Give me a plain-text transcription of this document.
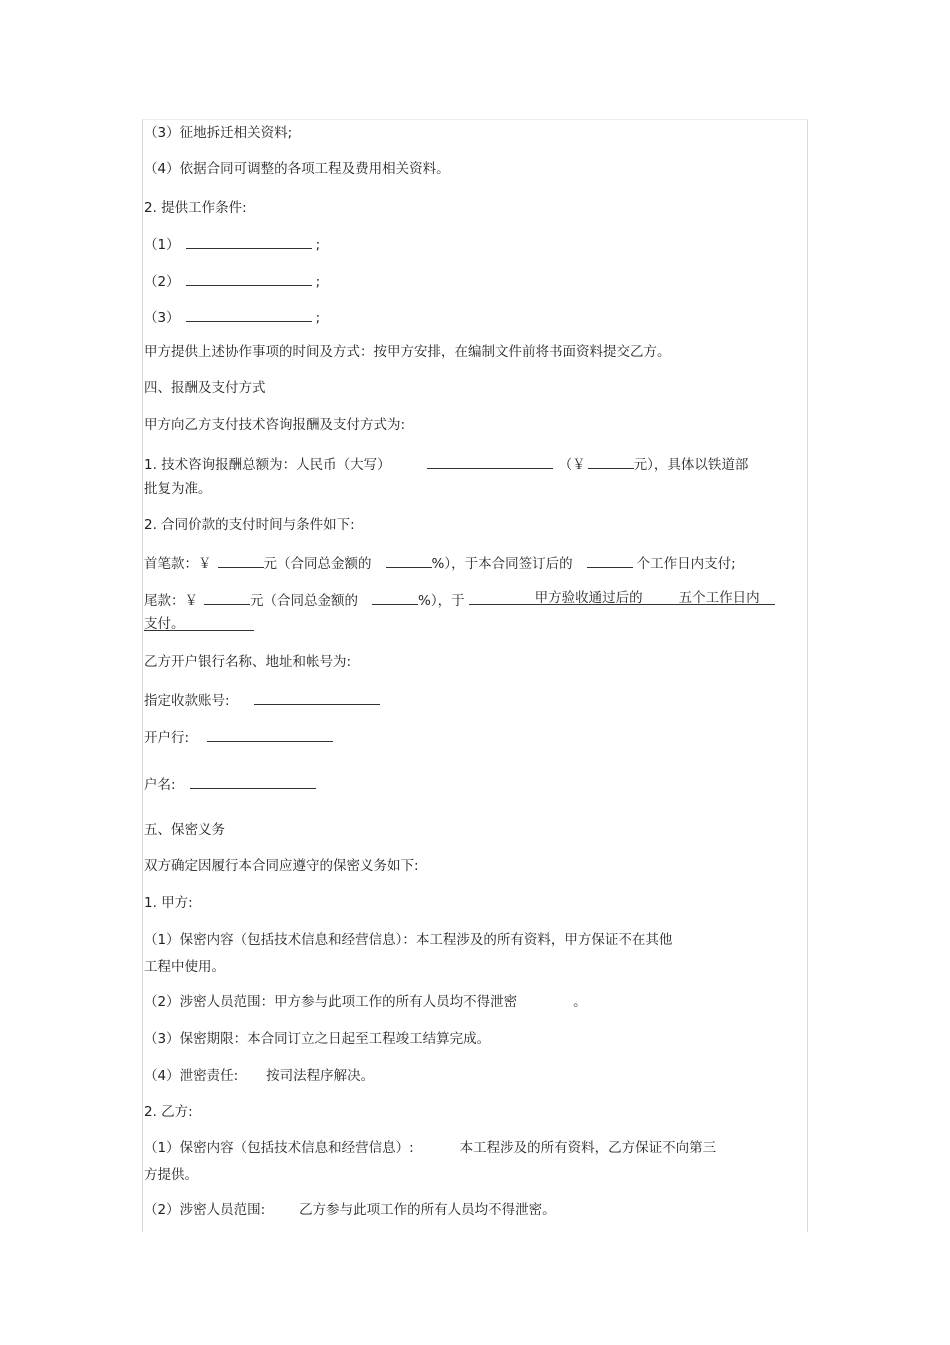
（3）征地拆迁相关资料;
（4）依据合同可调整的各项工程及费用相关资料。
2. 提供工作条件:
（1）	;
（2）	;
（3）	;
甲方提供上述协作事项的时间及方式：按甲方安排，在编制文件前将书面资料提交乙方。
四、报酬及支付方式
甲方向乙方支付技术咨询报酬及支付方式为:
1. 技术咨询报酬总额为：人民币（大写）	（￥	元），具体以铁道部
批复为准。
2. 合同价款的支付时间与条件如下:
首笔款：￥	元（合同总金额的	%），于本合同签订后的	个工作日内支付;
尾款：￥	元（合同总金额的	%），于	甲方验收通过后的	五个工作日内
支付。
乙方开户银行名称、地址和帐号为:
指定收款账号:
开户行:
户名:
五、保密义务
双方确定因履行本合同应遵守的保密义务如下:
1. 甲方:
（1）保密内容（包括技术信息和经营信息）：本工程涉及的所有资料，甲方保证不在其他
工程中使用。
（2）涉密人员范围：甲方参与此项工作的所有人员均不得泄密	。
（3）保密期限：本合同订立之日起至工程竣工结算完成。
（4）泄密责任: 按司法程序解决。
2. 乙方:
（1）保密内容（包括技术信息和经营信息）:	本工程涉及的所有资料，乙方保证不向第三
方提供。
（2）涉密人员范围:	乙方参与此项工作的所有人员均不得泄密。
